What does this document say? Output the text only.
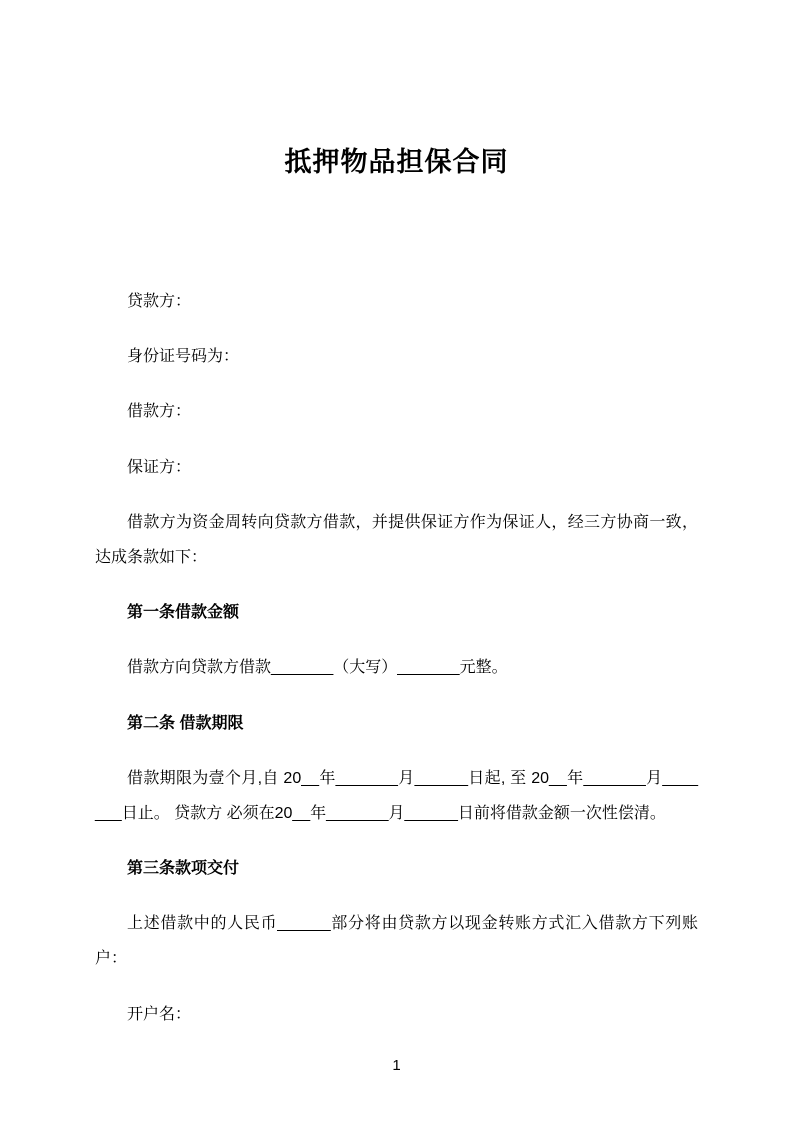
抵押物品担保合同

贷款方：

身份证号码为：

借款方：

保证方：

借款方为资金周转向贷款方借款，并提供保证方作为保证人，经三方协商一致，达成条款如下：

第一条借款金额

借款方向贷款方借款_______（大写）_______元整。

第二条 借款期限

借款期限为壹个月,自 20__年_______月______日起, 至 20__年_______月_______日止。 贷款方 必须在20__年_______月______日前将借款金额一次性偿清。

第三条款项交付

上述借款中的人民币______部分将由贷款方以现金转账方式汇入借款方下列账户：

开户名：

1
